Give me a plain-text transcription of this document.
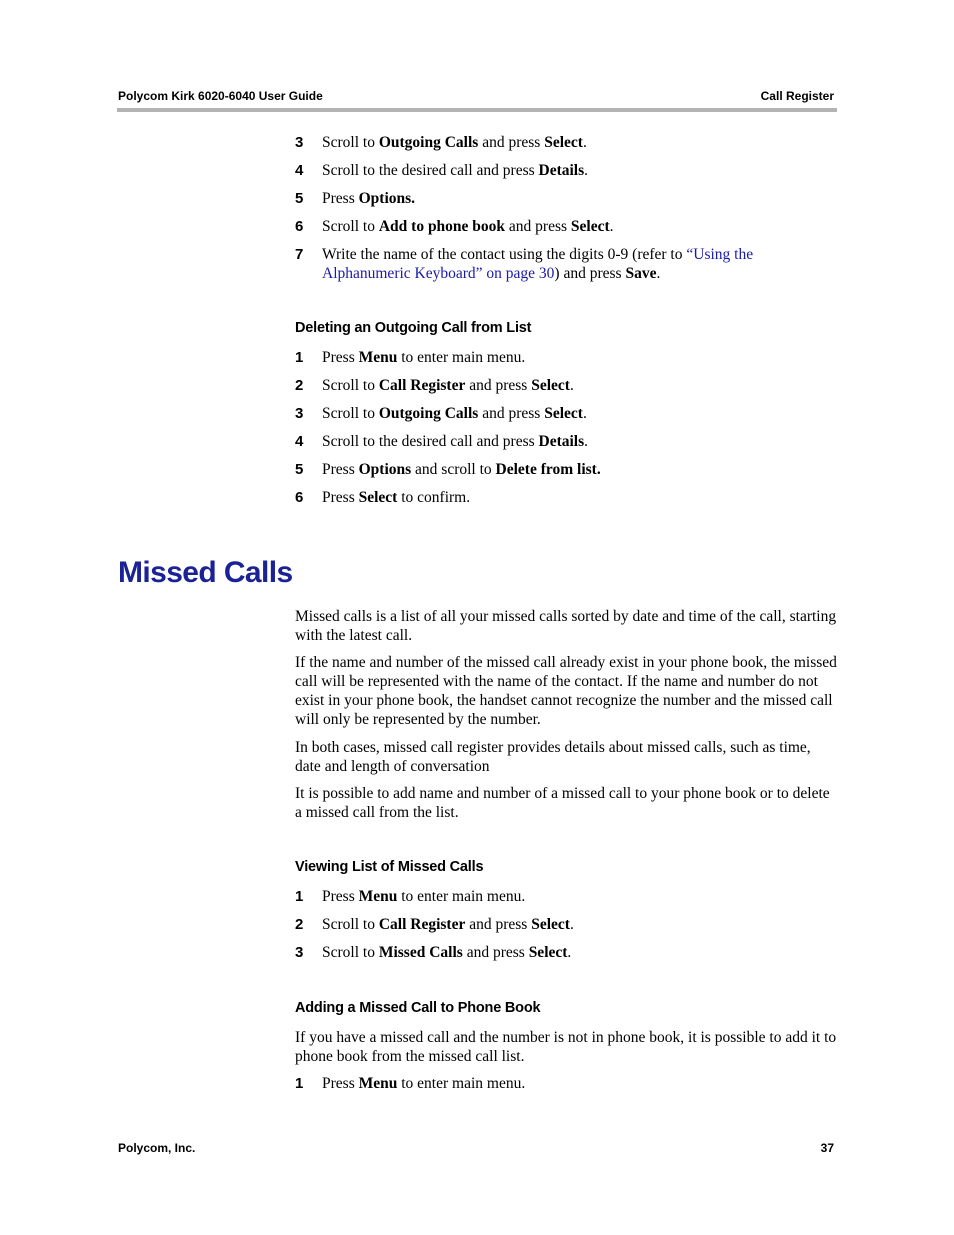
Polycom Kirk 6020-6040 User Guide	Call Register
3 Scroll to Outgoing Calls and press Select.
4 Scroll to the desired call and press Details.
5 Press Options.
6 Scroll to Add to phone book and press Select.
7 Write the name of the contact using the digits 0-9 (refer to “Using the Alphanumeric Keyboard” on page 30) and press Save.
Deleting an Outgoing Call from List
1 Press Menu to enter main menu.
2 Scroll to Call Register and press Select.
3 Scroll to Outgoing Calls and press Select.
4 Scroll to the desired call and press Details.
5 Press Options and scroll to Delete from list.
6 Press Select to confirm.
Missed calls is a list of all your missed calls sorted by date and time of the call, starting with the latest call.
If the name and number of the missed call already exist in your phone book, the missed call will be represented with the name of the contact. If the name and number do not exist in your phone book, the handset cannot recognize the number and the missed call will only be represented by the number.
In both cases, missed call register provides details about missed calls, such as time, date and length of conversation
It is possible to add name and number of a missed call to your phone book or to delete a missed call from the list.
Viewing List of Missed Calls
1 Press Menu to enter main menu.
2 Scroll to Call Register and press Select.
3 Scroll to Missed Calls and press Select.
Adding a Missed Call to Phone Book
If you have a missed call and the number is not in phone book, it is possible to add it to phone book from the missed call list.
1 Press Menu to enter main menu.
Missed Calls
Polycom, Inc.	37
